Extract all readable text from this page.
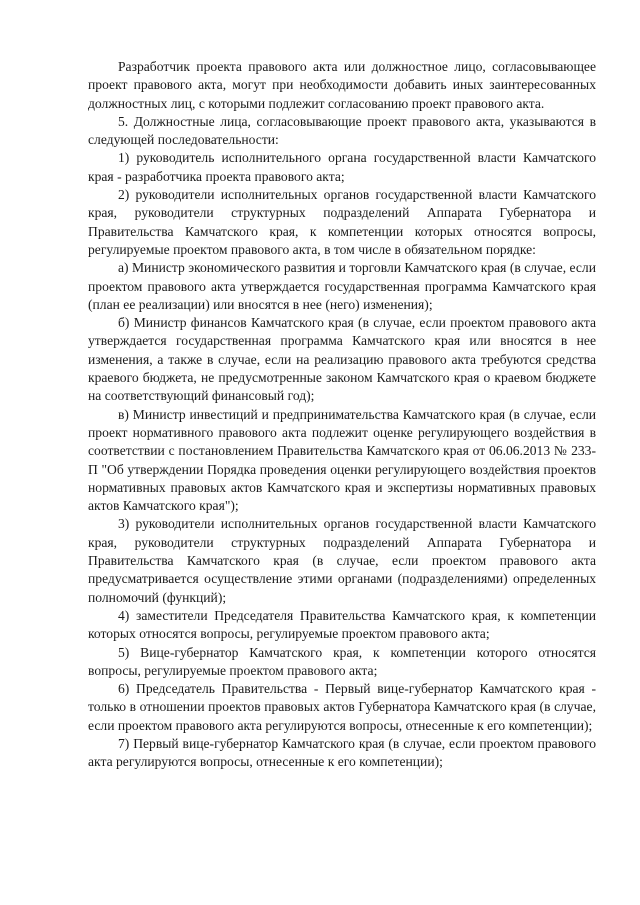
Разработчик проекта правового акта или должностное лицо, согласовывающее проект правового акта, могут при необходимости добавить иных заинтересованных должностных лиц, с которыми подлежит согласованию проект правового акта.

5. Должностные лица, согласовывающие проект правового акта, указываются в следующей последовательности:

1) руководитель исполнительного органа государственной власти Камчатского края - разработчика проекта правового акта;

2) руководители исполнительных органов государственной власти Камчатского края, руководители структурных подразделений Аппарата Губернатора и Правительства Камчатского края, к компетенции которых относятся вопросы, регулируемые проектом правового акта, в том числе в обязательном порядке:

а) Министр экономического развития и торговли Камчатского края (в случае, если проектом правового акта утверждается государственная программа Камчатского края (план ее реализации) или вносятся в нее (него) изменения);

б) Министр финансов Камчатского края (в случае, если проектом правового акта утверждается государственная программа Камчатского края или вносятся в нее изменения, а также в случае, если на реализацию правового акта требуются средства краевого бюджета, не предусмотренные законом Камчатского края о краевом бюджете на соответствующий финансовый год);

в) Министр инвестиций и предпринимательства Камчатского края (в случае, если проект нормативного правового акта подлежит оценке регулирующего воздействия в соответствии с постановлением Правительства Камчатского края от 06.06.2013 № 233-П "Об утверждении Порядка проведения оценки регулирующего воздействия проектов нормативных правовых актов Камчатского края и экспертизы нормативных правовых актов Камчатского края");

3) руководители исполнительных органов государственной власти Камчатского края, руководители структурных подразделений Аппарата Губернатора и Правительства Камчатского края (в случае, если проектом правового акта предусматривается осуществление этими органами (подразделениями) определенных полномочий (функций);

4) заместители Председателя Правительства Камчатского края, к компетенции которых относятся вопросы, регулируемые проектом правового акта;

5) Вице-губернатор Камчатского края, к компетенции которого относятся вопросы, регулируемые проектом правового акта;

6) Председатель Правительства - Первый вице-губернатор Камчатского края - только в отношении проектов правовых актов Губернатора Камчатского края (в случае, если проектом правового акта регулируются вопросы, отнесенные к его компетенции);

7) Первый вице-губернатор Камчатского края (в случае, если проектом правового акта регулируются вопросы, отнесенные к его компетенции);
